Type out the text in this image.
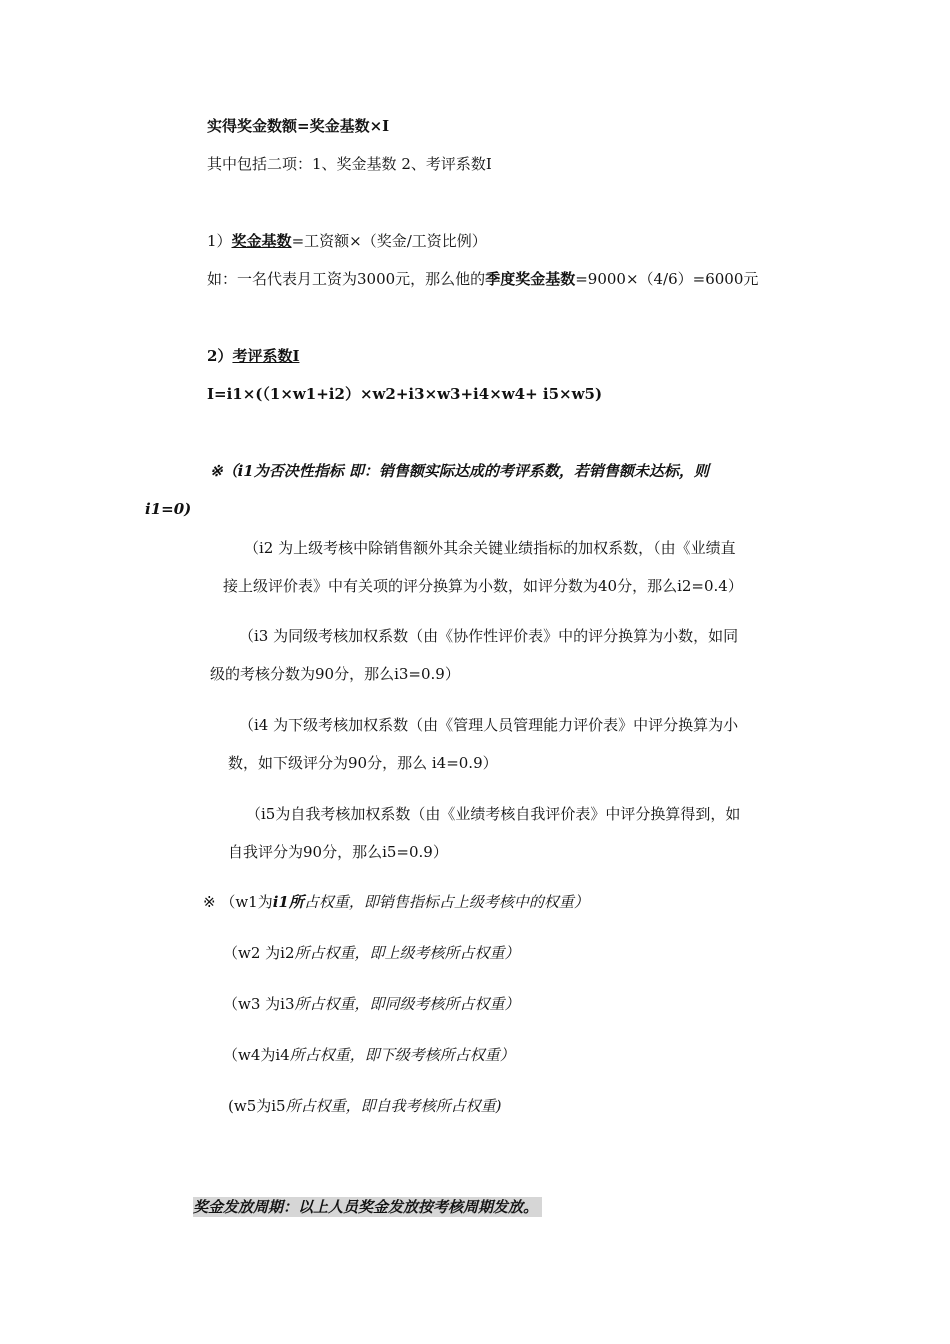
实得奖金数额=奖金基数×I
其中包括二项：1、奖金基数 2、考评系数Ⅰ
1）奖金基数=工资额×（奖金/工资比例）
如：一名代表月工资为3000元，那么他的季度奖金基数=9000×（4/6）=6000元
2）考评系数Ⅰ
I=i1×(（1×w1+i2）×w2+i3×w3+i4×w4+ i5×w5)
※（i1为否决性指标 即：销售额实际达成的考评系数，若销售额未达标，则
i1=0)
（i2 为上级考核中除销售额外其余关键业绩指标的加权系数，（由《业绩直
接上级评价表》中有关项的评分换算为小数，如评分数为40分，那么i2=0.4）
（i3 为同级考核加权系数（由《协作性评价表》中的评分换算为小数，如同
级的考核分数为90分，那么i3=0.9）
（i4 为下级考核加权系数（由《管理人员管理能力评价表》中评分换算为小
数，如下级评分为90分，那么 i4=0.9）
（i5为自我考核加权系数（由《业绩考核自我评价表》中评分换算得到，如
自我评分为90分，那么i5=0.9）
※ （w1为i1所占权重，即销售指标占上级考核中的权重）
（w2 为i2所占权重，即上级考核所占权重）
（w3 为i3所占权重，即同级考核所占权重）
（w4为i4所占权重，即下级考核所占权重）
(w5为i5所占权重，即自我考核所占权重)
奖金发放周期：以上人员奖金发放按考核周期发放。
